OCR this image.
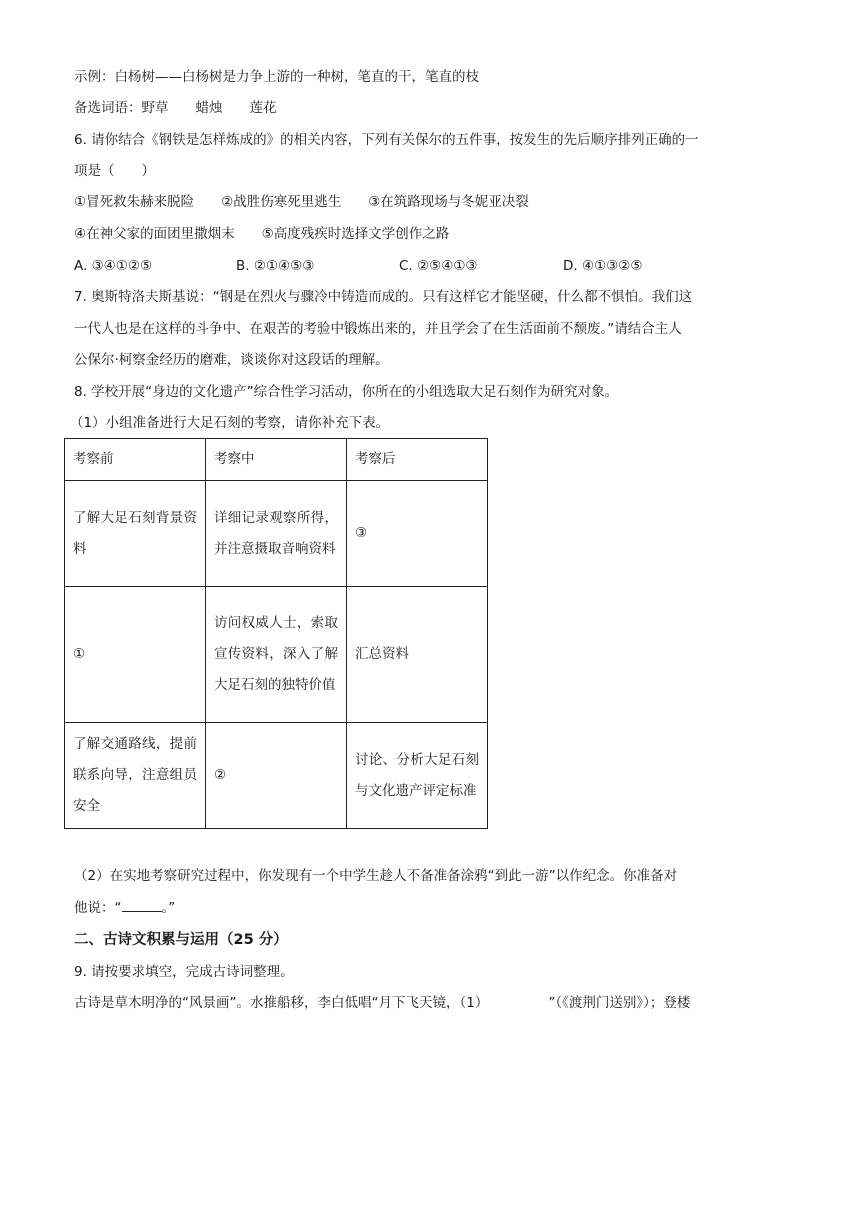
示例：白杨树——白杨树是力争上游的一种树，笔直的干，笔直的枝
备选词语：野草　　蜡烛　　莲花
6. 请你结合《钢铁是怎样炼成的》的相关内容，下列有关保尔的五件事，按发生的先后顺序排列正确的一
项是（　　）
①冒死救朱赫来脱险　　②战胜伤寒死里逃生　　③在筑路现场与冬妮亚决裂
④在神父家的面团里撒烟末　　⑤高度残疾时选择文学创作之路
A. ③④①②⑤	B. ②①④⑤③	C. ②⑤④①③	D. ④①③②⑤
7. 奥斯特洛夫斯基说：“钢是在烈火与骤冷中铸造而成的。只有这样它才能坚硬，什么都不惧怕。我们这
一代人也是在这样的斗争中、在艰苦的考验中锻炼出来的，并且学会了在生活面前不颓废。”请结合主人
公保尔·柯察金经历的磨难，谈谈你对这段话的理解。
8. 学校开展“身边的文化遗产”综合性学习活动，你所在的小组选取大足石刻作为研究对象。
（1）小组准备进行大足石刻的考察，请你补充下表。
考察前	考察中	考察后
了解大足石刻背景资料	详细记录观察所得，并注意摄取音响资料	③
①	访问权威人士，索取宣传资料，深入了解大足石刻的独特价值	汇总资料
了解交通路线，提前联系向导，注意组员安全	②	讨论、分析大足石刻与文化遗产评定标准
（2）在实地考察研究过程中，你发现有一个中学生趁人不备准备涂鸦“到此一游”以作纪念。你准备对
他说：“	。”
二、古诗文积累与运用（25 分）
9. 请按要求填空，完成古诗词整理。
古诗是草木明净的“风景画”。水推船移，李白低唱“月下飞天镜，（1）	”（《渡荆门送别》）；登楼
